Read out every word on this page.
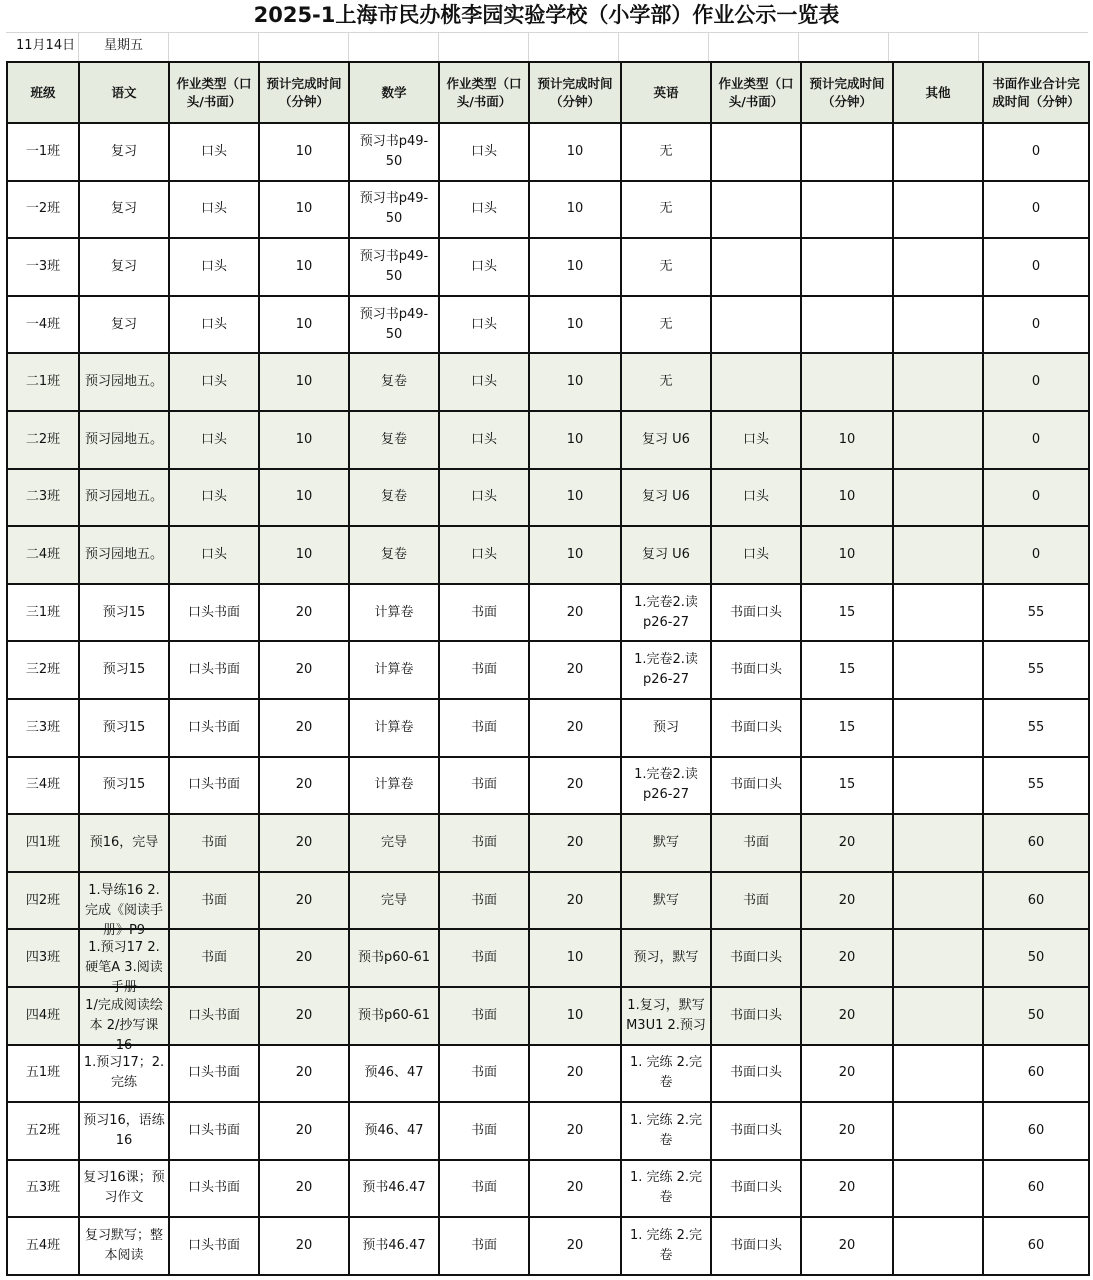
2025-1上海市民办桃李园实验学校（小学部）作业公示一览表
11月14日 星期五
班级	语文	作业类型（口头/书面）	预计完成时间（分钟）	数学	作业类型（口头/书面）	预计完成时间（分钟）	英语	作业类型（口头/书面）	预计完成时间（分钟）	其他	书面作业合计完成时间（分钟）

一1班	复习	口头	10	预习书p49-50	口头	10	无				0

一2班	复习	口头	10	预习书p49-50	口头	10	无				0

一3班	复习	口头	10	预习书p49-50	口头	10	无				0

一4班	复习	口头	10	预习书p49-50	口头	10	无				0

二1班	预习园地五。	口头	10	复卷	口头	10	无				0

二2班	预习园地五。	口头	10	复卷	口头	10	复习 U6	口头	10		0

二3班	预习园地五。	口头	10	复卷	口头	10	复习 U6	口头	10		0

二4班	预习园地五。	口头	10	复卷	口头	10	复习 U6	口头	10		0

三1班	预习15	口头书面	20	计算卷	书面	20	1.完卷2.读p26-27	书面口头	15		55

三2班	预习15	口头书面	20	计算卷	书面	20	1.完卷2.读p26-27	书面口头	15		55

三3班	预习15	口头书面	20	计算卷	书面	20	预习	书面口头	15		55

三4班	预习15	口头书面	20	计算卷	书面	20	1.完卷2.读p26-27	书面口头	15		55

四1班	预16，完导	书面	20	完导	书面	20	默写	书面	20		60

四2班	1.导练16 2.完成《阅读手册》P9	书面	20	完导	书面	20	默写	书面	20		60

四3班	1.预习17 2.硬笔A 3.阅读手册	书面	20	预书p60-61	书面	10	预习，默写	书面口头	20		50

四4班	1/完成阅读绘本 2/抄写课16	口头书面	20	预书p60-61	书面	10	1.复习，默写M3U1 2.预习	书面口头	20		50

五1班	1.预习17；2.完练	口头书面	20	预46、47	书面	20	1. 完练 2.完卷	书面口头	20		60

五2班	预习16，语练16	口头书面	20	预46、47	书面	20	1. 完练 2.完卷	书面口头	20		60

五3班	复习16课；预习作文	口头书面	20	预书46.47	书面	20	1. 完练 2.完卷	书面口头	20		60

五4班	复习默写；整本阅读	口头书面	20	预书46.47	书面	20	1. 完练 2.完卷	书面口头	20		60
